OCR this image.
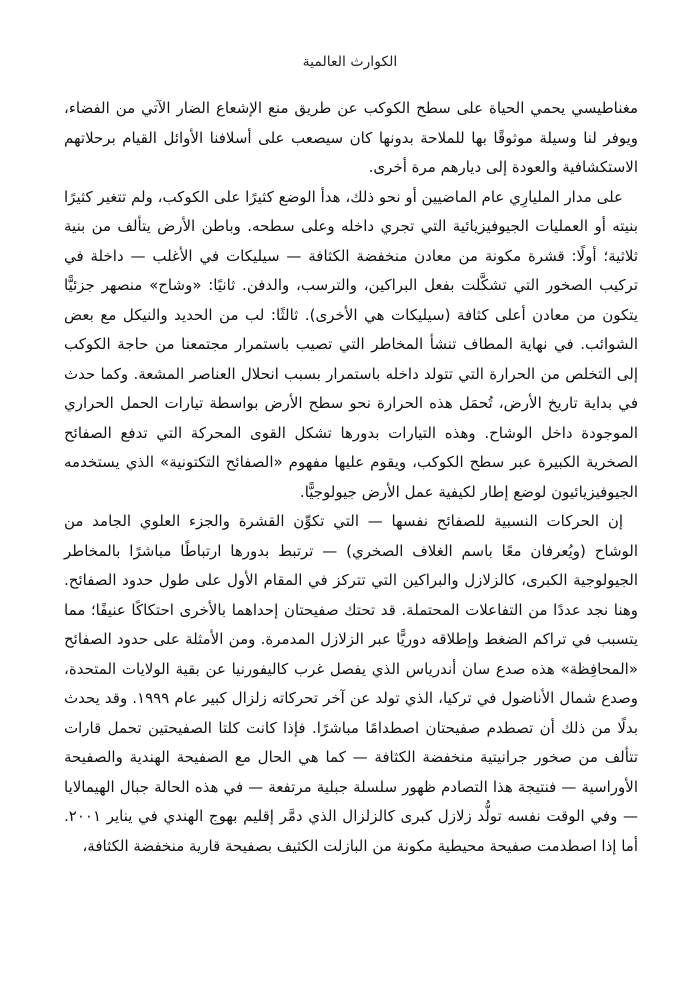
الكوارث العالمية

مغناطيسي يحمي الحياة على سطح الكوكب عن طريق منع الإشعاع الضار الآتي من الفضاء، ويوفر لنا وسيلة موثوقًا بها للملاحة بدونها كان سيصعب على أسلافنا الأوائل القيام برحلاتهم الاستكشافية والعودة إلى ديارهم مرة أخرى.

على مدار المليارِي عام الماضيين أو نحو ذلك، هدأ الوضع كثيرًا على الكوكب، ولم تتغير كثيرًا بنيته أو العمليات الجيوفيزيائية التي تجري داخله وعلى سطحه. وباطن الأرض يتألف من بنية ثلاثية؛ أولًا: قشرة مكونة من معادن منخفضة الكثافة — سيليكات في الأغلب — داخلة في تركيب الصخور التي تشكَّلت بفعل البراكين، والترسب، والدفن. ثانيًا: «وشاح» منصهر جزئيًّا يتكون من معادن أعلى كثافة (سيليكات هي الأخرى). ثالثًا: لب من الحديد والنيكل مع بعض الشوائب. في نهاية المطاف تنشأ المخاطر التي تصيب باستمرار مجتمعنا من حاجة الكوكب إلى التخلص من الحرارة التي تتولد داخله باستمرار بسبب انحلال العناصر المشعة. وكما حدث في بداية تاريخ الأرض، تُحمَل هذه الحرارة نحو سطح الأرض بواسطة تيارات الحمل الحراري الموجودة داخل الوشاح. وهذه التيارات بدورها تشكل القوى المحركة التي تدفع الصفائح الصخرية الكبيرة عبر سطح الكوكب، ويقوم عليها مفهوم «الصفائح التكتونية» الذي يستخدمه الجيوفيزيائيون لوضع إطار لكيفية عمل الأرض جيولوجيًّا.

إن الحركات النسبية للصفائح نفسها — التي تكوِّن القشرة والجزء العلوي الجامد من الوشاح (ويُعرفان معًا باسم الغلاف الصخري) — ترتبط بدورها ارتباطًا مباشرًا بالمخاطر الجيولوجية الكبرى، كالزلازل والبراكين التي تتركز في المقام الأول على طول حدود الصفائح. وهنا نجد عددًا من التفاعلات المحتملة. قد تحتك صفيحتان إحداهما بالأخرى احتكاكًا عنيفًا؛ مما يتسبب في تراكم الضغط وإطلاقه دوريًّا عبر الزلازل المدمرة. ومن الأمثلة على حدود الصفائح «المحافِظة» هذه صدع سان أندرياس الذي يفصل غرب كاليفورنيا عن بقية الولايات المتحدة، وصدع شمال الأناضول في تركيا، الذي تولد عن آخر تحركاته زلزال كبير عام ١٩٩٩. وقد يحدث بدلًا من ذلك أن تصطدم صفيحتان اصطدامًا مباشرًا. فإذا كانت كلتا الصفيحتين تحمل قارات تتألف من صخور جرانيتية منخفضة الكثافة — كما هي الحال مع الصفيحة الهندية والصفيحة الأوراسية — فنتيجة هذا التصادم ظهور سلسلة جبلية مرتفعة — في هذه الحالة جبال الهيمالايا — وفي الوقت نفسه تولُّد زلازل كبرى كالزلزال الذي دمَّر إقليم بهوج الهندي في يناير ٢٠٠١. أما إذا اصطدمت صفيحة محيطية مكونة من البازلت الكثيف بصفيحة قارية منخفضة الكثافة،
